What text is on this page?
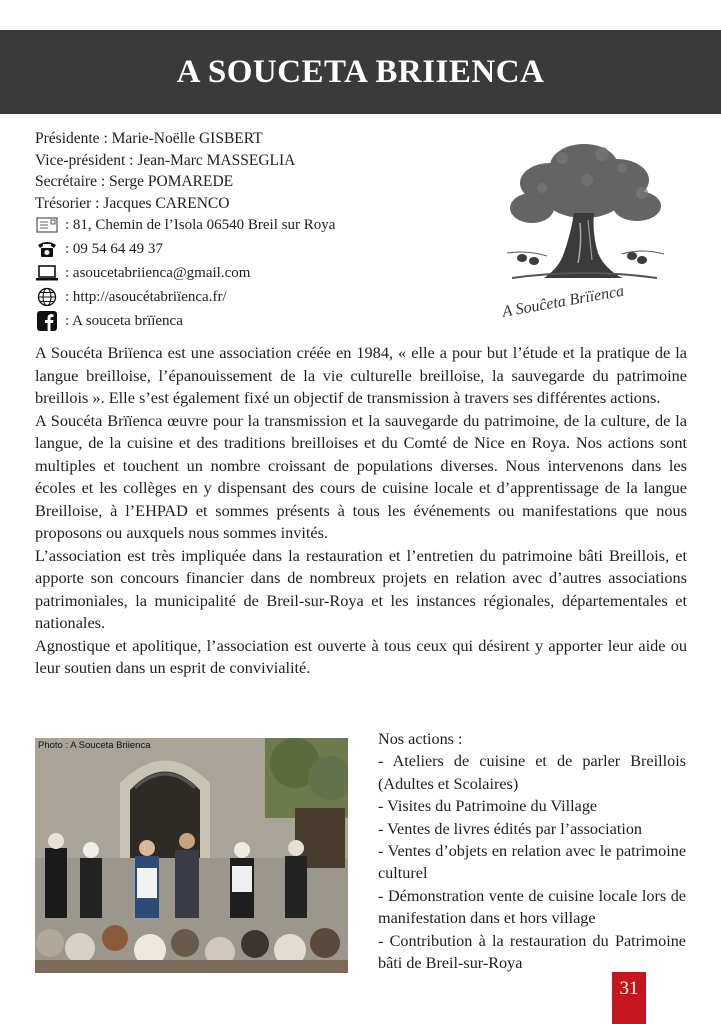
A SOUCETA BRIIENCA
Présidente : Marie-Noëlle GISBERT
Vice-président : Jean-Marc MASSEGLIA
Secrétaire : Serge POMAREDE
Trésorier : Jacques CARENCO
: 81, Chemin de l’Isola 06540 Breil sur Roya
: 09 54 64 49 37
: asoucetabriienca@gmail.com
: http://asoucétabriïenca.fr/
: A souceta brïïenca	A Souĉeta Brïïenca

A Soucéta Briïenca est une association créée en 1984, « elle a pour but l’étude et la pratique de la langue breilloise, l’épanouissement de la vie culturelle breilloise, la sauvegarde du patrimoine breillois ». Elle s’est également fixé un objectif de transmission à travers ses différentes actions.

A Soucéta Brïïenca œuvre pour la transmission et la sauvegarde du patrimoine, de la culture, de la langue, de la cuisine et des traditions breilloises et du Comté de Nice en Roya. Nos actions sont multiples et touchent un nombre croissant de populations diverses. Nous intervenons dans les écoles et les collèges en y dispensant des cours de cuisine locale et d’apprentissage de la langue Breilloise, à l’EHPAD et sommes présents à tous les événements ou manifestations que nous proposons ou auxquels nous sommes invités.

L’association est très impliquée dans la restauration et l’entretien du patrimoine bâti Breillois, et apporte son concours financier dans de nombreux projets en relation avec d’autres associations patrimoniales, la municipalité de Breil-sur-Roya et les instances régionales, départementales et nationales.

Agnostique et apolitique, l’association est ouverte à tous ceux qui désirent y apporter leur aide ou leur soutien dans un esprit de convivialité.

Photo : A Souceta Briienca	Nos actions :

- Ateliers de cuisine et de parler Breillois (Adultes et Scolaires)
- Visites du Patrimoine du Village
- Ventes de livres édités par l’association
- Ventes d’objets en relation avec le patrimoine culturel
- Démonstration vente de cuisine locale lors de manifestation dans et hors village
- Contribution à la restauration du Patrimoine bâti de Breil-sur-Roya
31
